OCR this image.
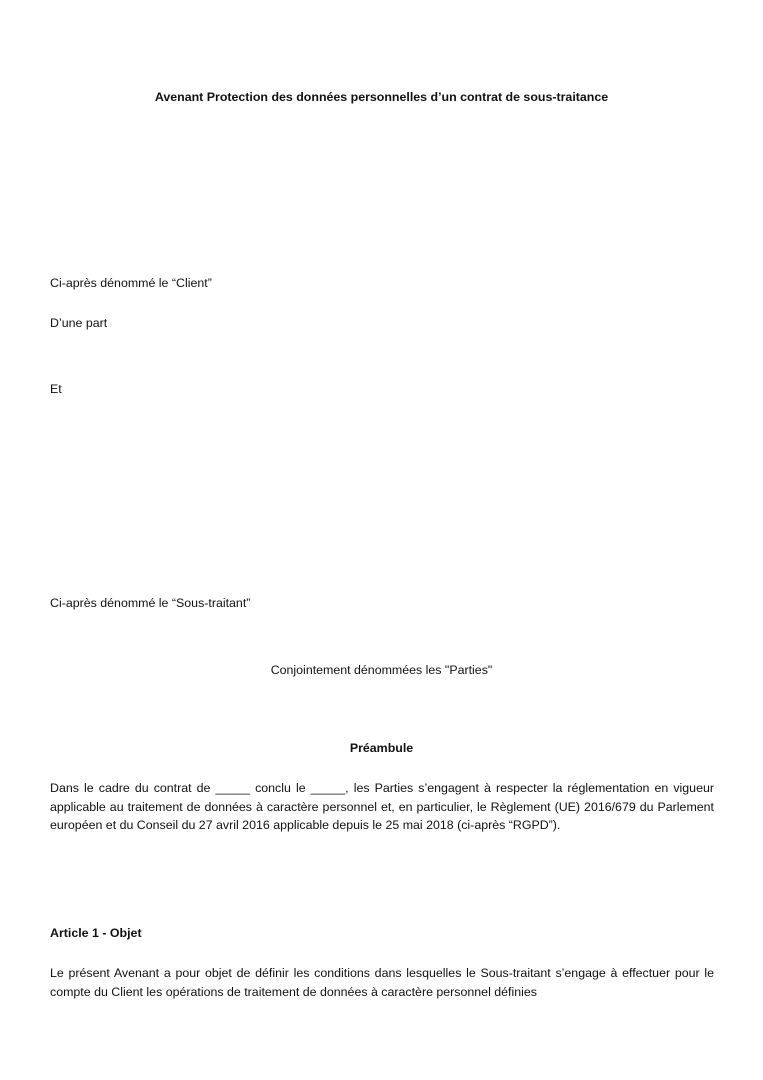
Avenant Protection des données personnelles d’un contrat de sous-traitance

Ci-après dénommé le “Client”

D’une part

Et

Ci-après dénommé le “Sous-traitant”

Conjointement dénommées les "Parties"

Préambule

Dans le cadre du contrat de _____ conclu le _____, les Parties s’engagent à respecter la réglementation en vigueur applicable au traitement de données à caractère personnel et, en particulier, le Règlement (UE) 2016/679 du Parlement européen et du Conseil du 27 avril 2016 applicable depuis le 25 mai 2018 (ci-après “RGPD”).

Article 1 - Objet

Le présent Avenant a pour objet de définir les conditions dans lesquelles le Sous-traitant s’engage à effectuer pour le compte du Client les opérations de traitement de données à caractère personnel définies
